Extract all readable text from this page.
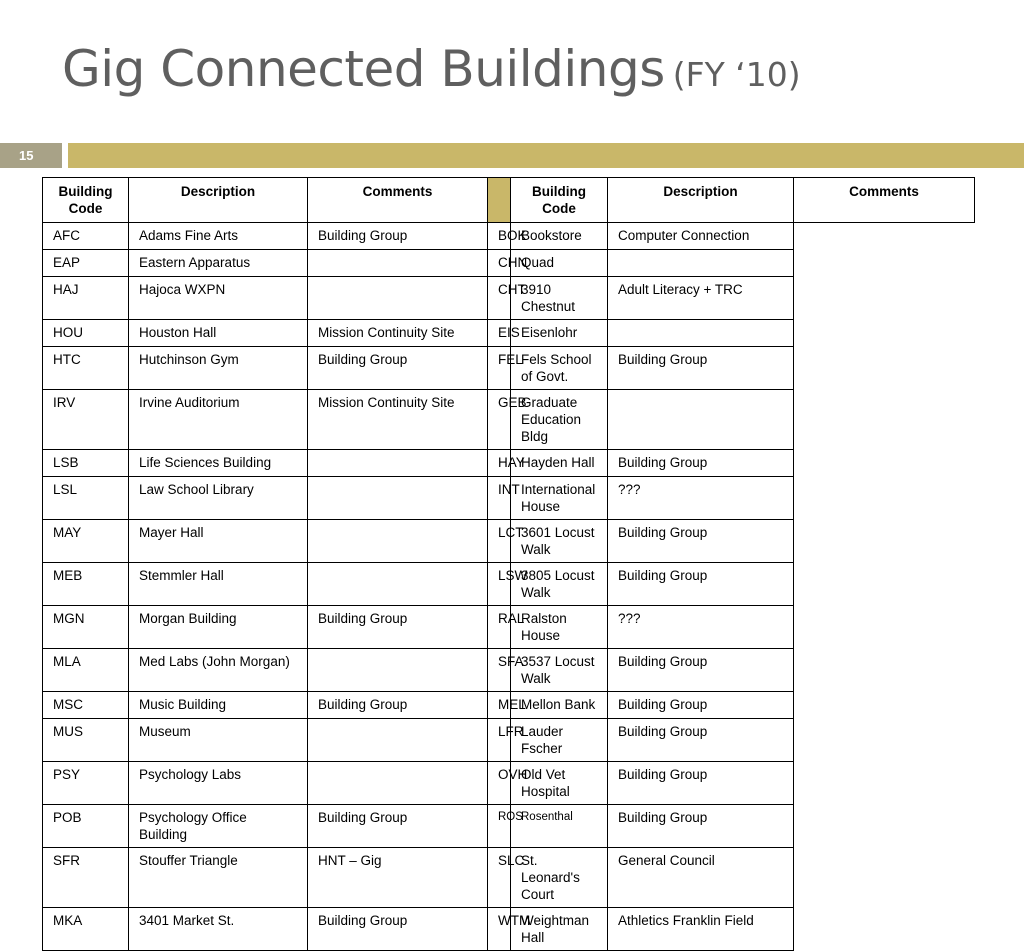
Gig Connected Buildings (FY ‘10)
15
Building Code	Description	Comments		Building Code	Description	Comments
AFC	Adams Fine Arts	Building Group	BOK	Bookstore	Computer Connection	
EAP	Eastern Apparatus		CHN	Quad		
HAJ	Hajoca WXPN		CHT	3910 Chestnut	Adult Literacy + TRC	
HOU	Houston Hall	Mission Continuity Site	EIS	Eisenlohr		
HTC	Hutchinson Gym	Building Group	FEL	Fels School of Govt.	Building Group	
IRV	Irvine Auditorium	Mission Continuity Site	GEB	Graduate Education Bldg		
LSB	Life Sciences Building		HAY	Hayden Hall	Building Group	
LSL	Law School Library		INT	International House	???	
MAY	Mayer Hall		LCT	3601 Locust Walk	Building Group	
MEB	Stemmler Hall		LSW	3805 Locust Walk	Building Group	
MGN	Morgan Building	Building Group	RAL	Ralston House	???	
MLA	Med Labs (John Morgan)		SFA	3537 Locust Walk	Building Group	
MSC	Music Building	Building Group	MEL	Mellon Bank	Building Group	
MUS	Museum		LFR	Lauder Fscher	Building Group	
PSY	Psychology Labs		OVH	Old Vet Hospital	Building Group	
POB	Psychology Office Building	Building Group	ROS	Rosenthal	Building Group	
SFR	Stouffer Triangle	HNT – Gig	SLC	St. Leonard's Court	General Council	
MKA	3401 Market St.	Building Group	WTM	Weightman Hall	Athletics Franklin Field	
